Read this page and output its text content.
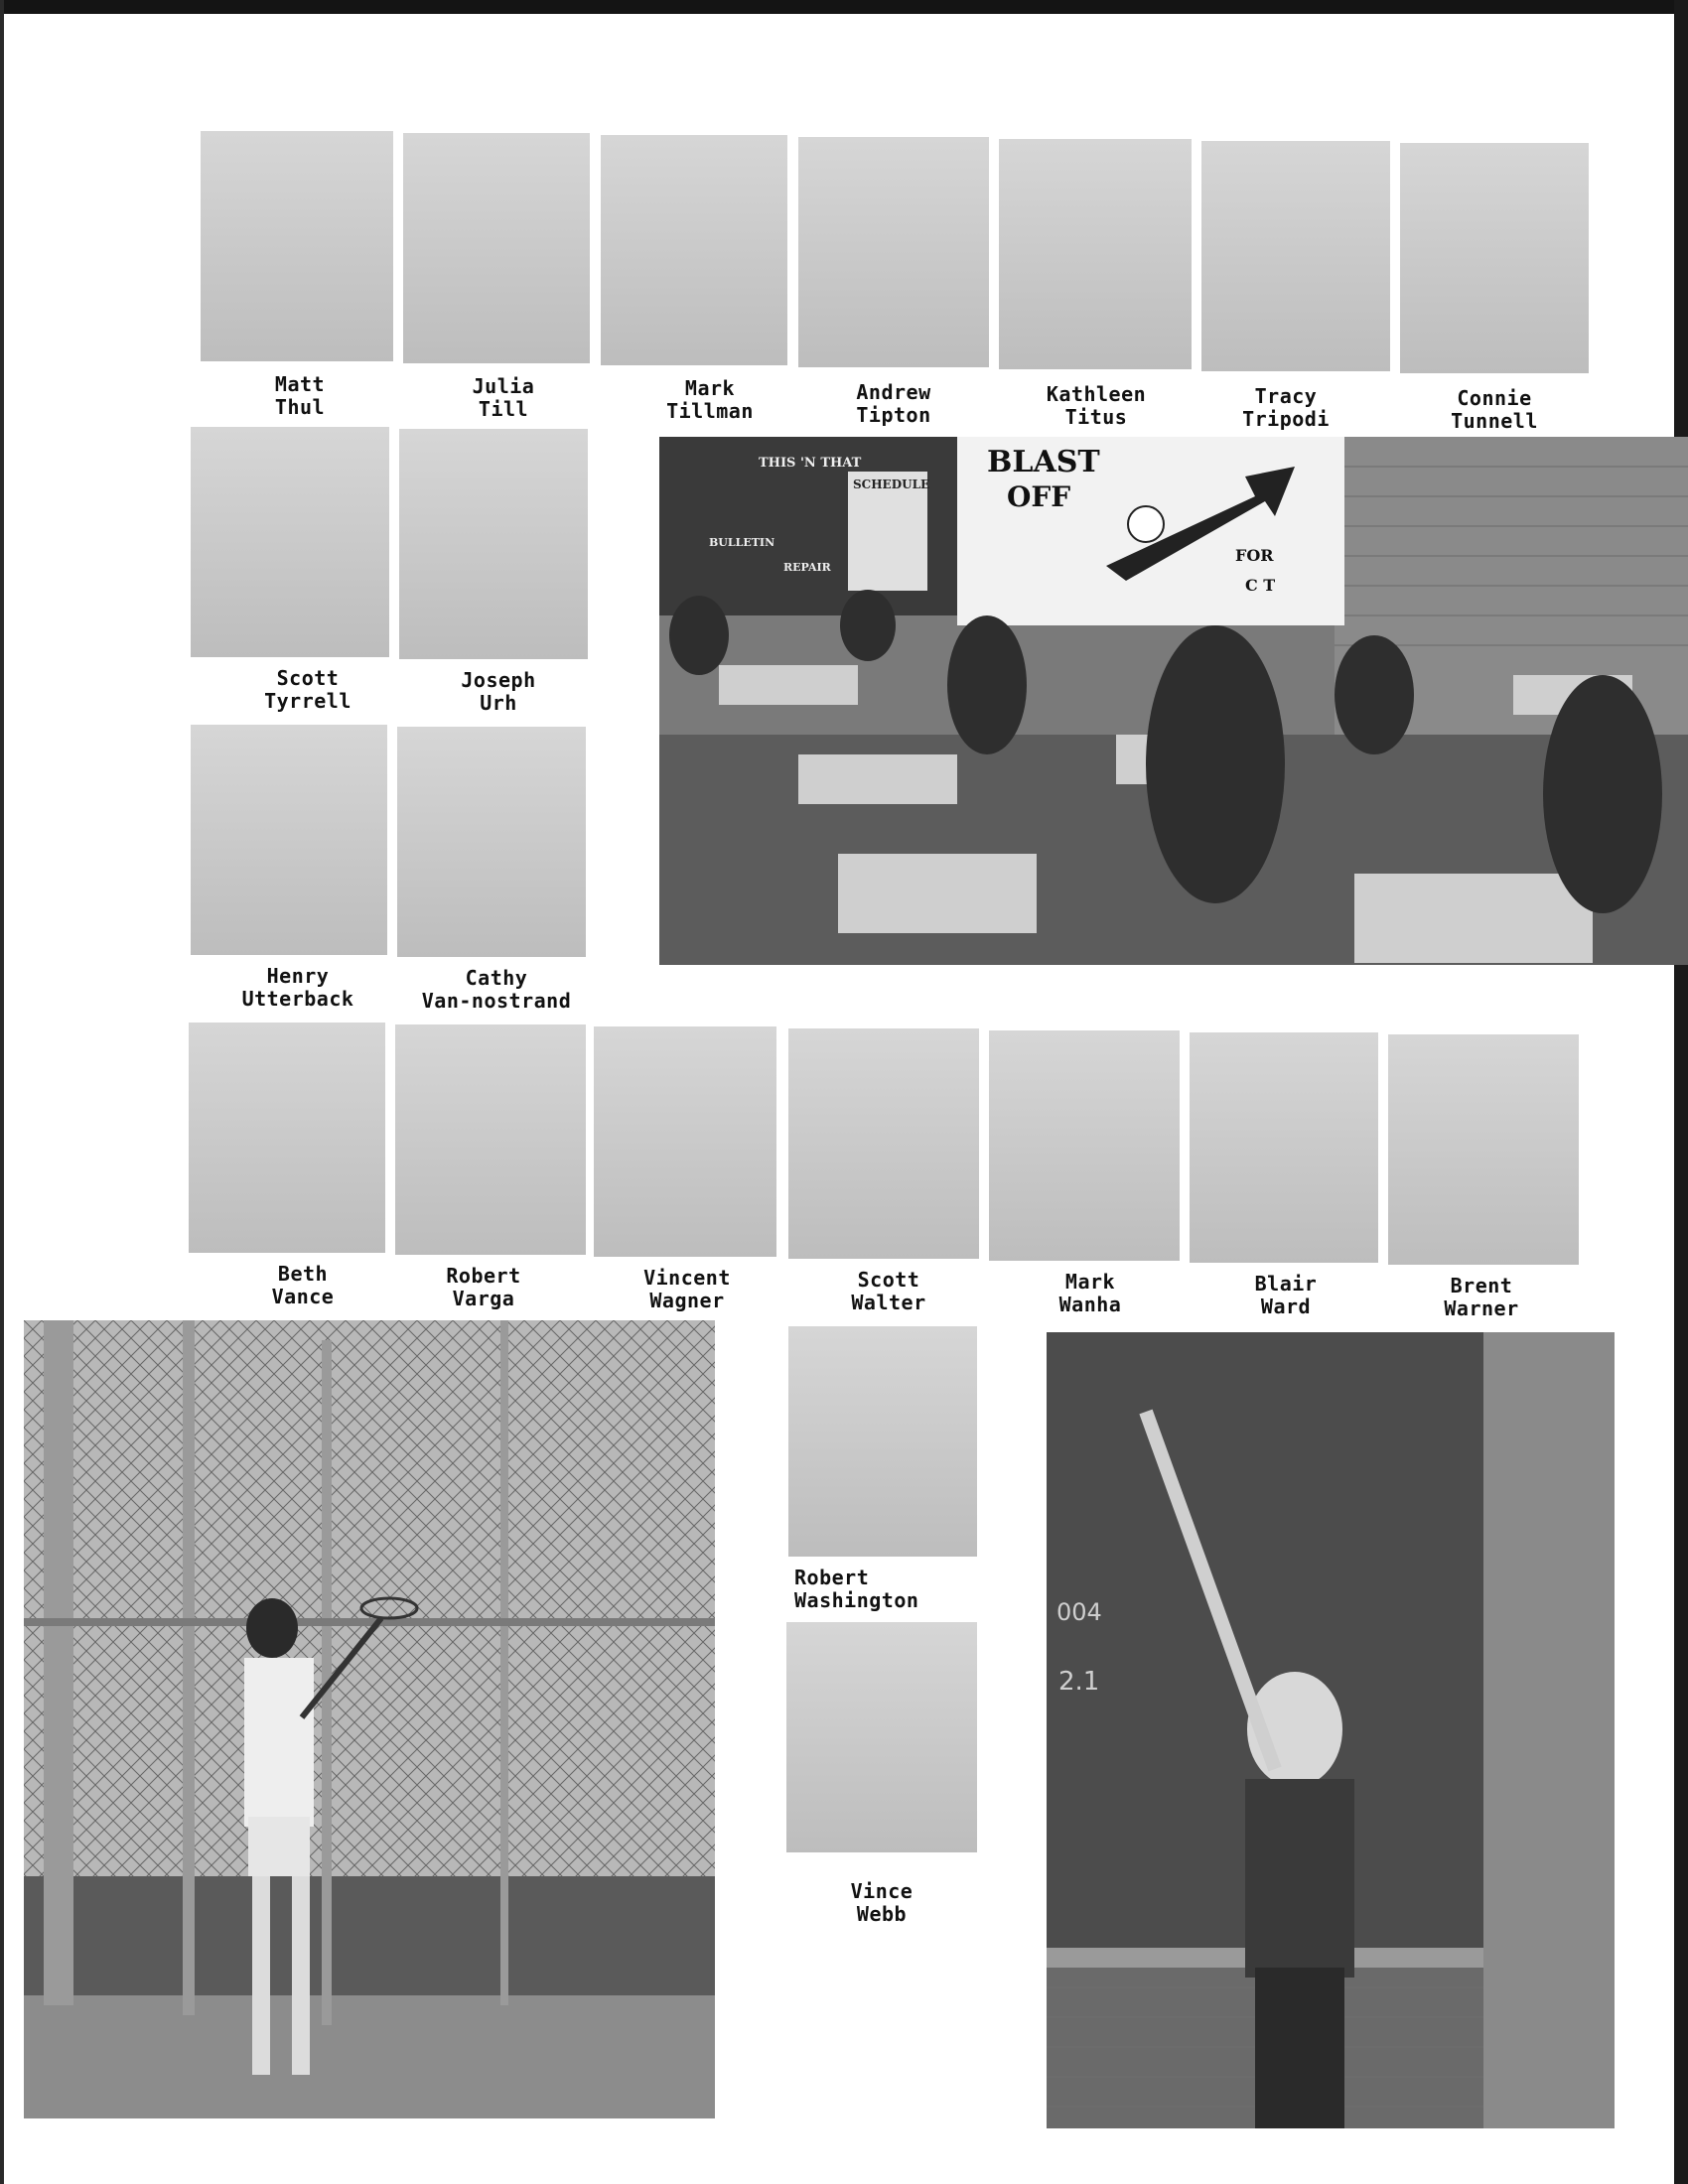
Matt
Thul
Julia
Till
Mark
Tillman
Andrew
Tipton
Kathleen
Titus
Tracy
Tripodi
Connie
Tunnell
Scott
Tyrrell
Joseph
Urh
Henry
Utterback
Cathy
Van-nostrand
THIS 'N THAT
SCHEDULE
BULLETIN
REPAIR
BLAST
OFF
FOR
C T
Beth
Vance
Robert
Varga
Vincent
Wagner
Scott
Walter
Mark
Wanha
Blair
Ward
Brent
Warner
Robert
Washington
Vince
Webb
004
2.1
